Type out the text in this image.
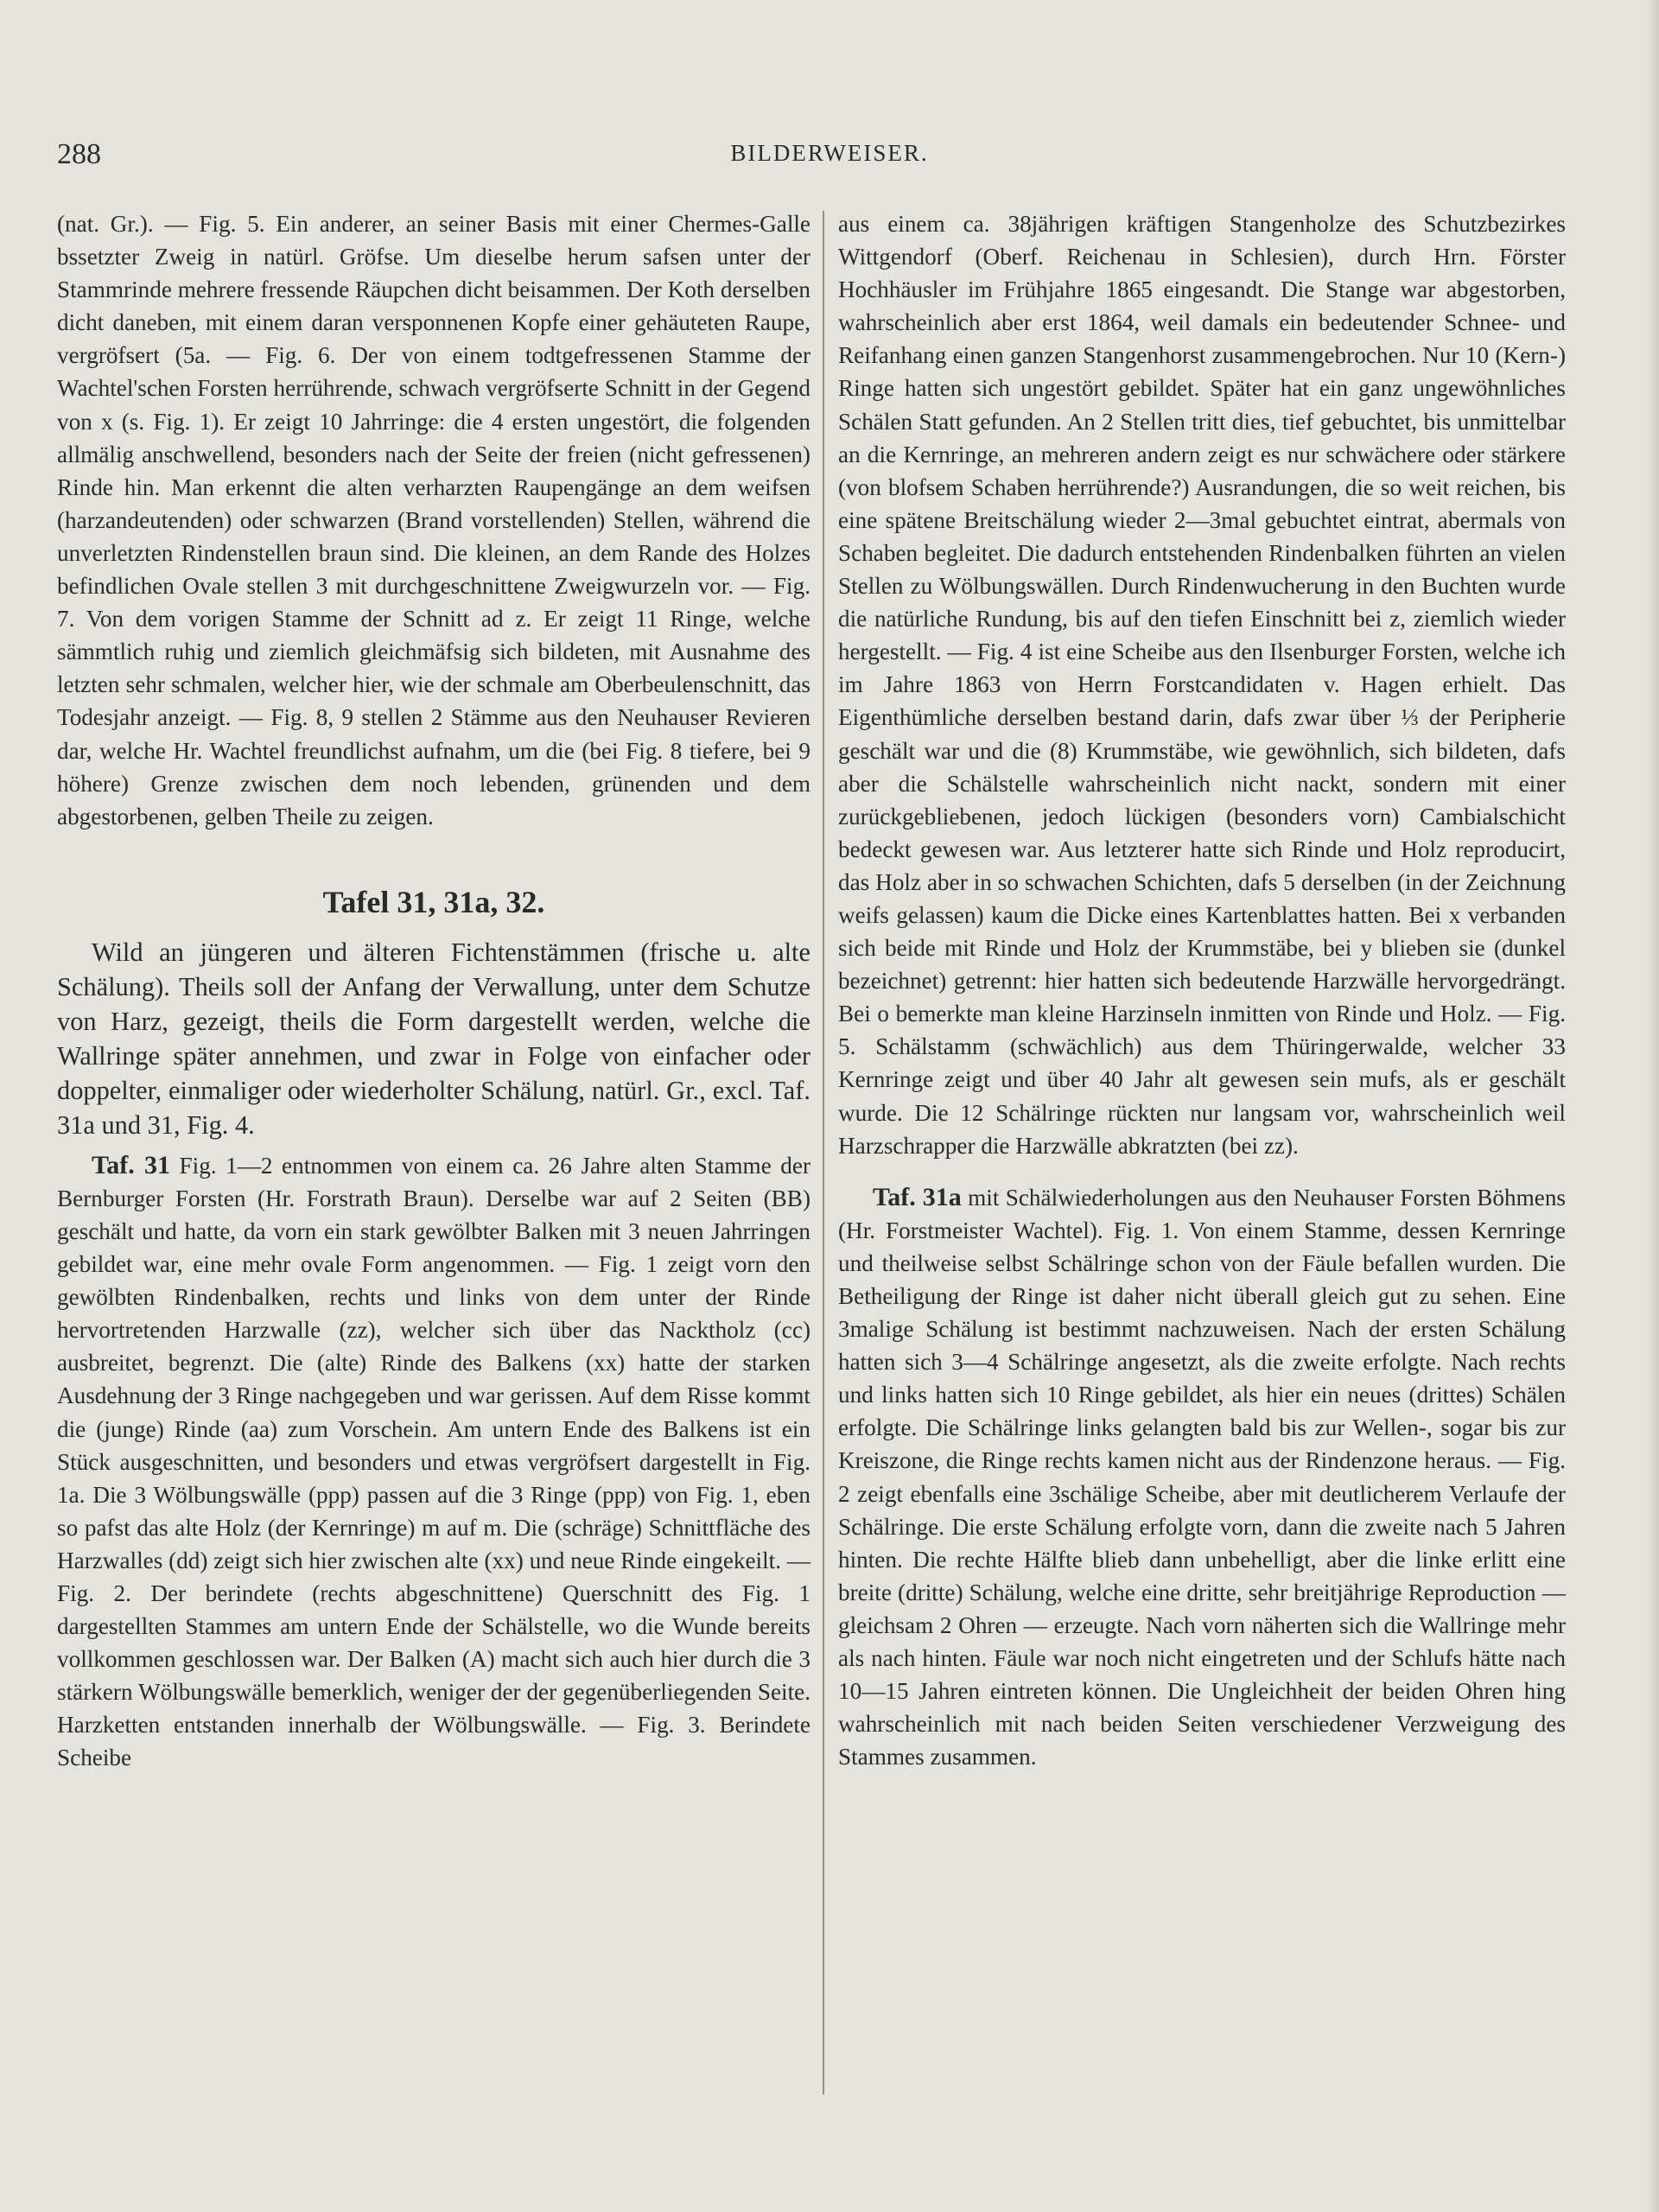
288	BILDERWEISER.

(nat. Gr.). — Fig. 5. Ein anderer, an seiner Basis mit einer Chermes-Galle bssetzter Zweig in natürl. Gröfse. Um dieselbe herum safsen unter der Stammrinde mehrere fressende Räupchen dicht beisammen. Der Koth derselben dicht daneben, mit einem daran versponnenen Kopfe einer gehäuteten Raupe, vergröfsert (5a. — Fig. 6. Der von einem todtgefressenen Stamme der Wachtel'schen Forsten herrührende, schwach vergröfserte Schnitt in der Gegend von x (s. Fig. 1). Er zeigt 10 Jahrringe: die 4 ersten ungestört, die folgenden allmälig anschwellend, besonders nach der Seite der freien (nicht gefressenen) Rinde hin. Man erkennt die alten verharzten Raupengänge an dem weifsen (harzandeutenden) oder schwarzen (Brand vorstellenden) Stellen, während die unverletzten Rindenstellen braun sind. Die kleinen, an dem Rande des Holzes befindlichen Ovale stellen 3 mit durchgeschnittene Zweigwurzeln vor. — Fig. 7. Von dem vorigen Stamme der Schnitt ad z. Er zeigt 11 Ringe, welche sämmtlich ruhig und ziemlich gleichmäfsig sich bildeten, mit Ausnahme des letzten sehr schmalen, welcher hier, wie der schmale am Oberbeulenschnitt, das Todesjahr anzeigt. — Fig. 8, 9 stellen 2 Stämme aus den Neuhauser Revieren dar, welche Hr. Wachtel freundlichst aufnahm, um die (bei Fig. 8 tiefere, bei 9 höhere) Grenze zwischen dem noch lebenden, grünenden und dem abgestorbenen, gelben Theile zu zeigen.

Tafel 31, 31a, 32.

Wild an jüngeren und älteren Fichtenstämmen (frische u. alte Schälung). Theils soll der Anfang der Verwallung, unter dem Schutze von Harz, gezeigt, theils die Form dargestellt werden, welche die Wallringe später annehmen, und zwar in Folge von einfacher oder doppelter, einmaliger oder wiederholter Schälung, natürl. Gr., excl. Taf. 31a und 31, Fig. 4.

Taf. 31 Fig. 1—2 entnommen von einem ca. 26 Jahre alten Stamme der Bernburger Forsten (Hr. Forstrath Braun). Derselbe war auf 2 Seiten (BB) geschält und hatte, da vorn ein stark gewölbter Balken mit 3 neuen Jahrringen gebildet war, eine mehr ovale Form angenommen. — Fig. 1 zeigt vorn den gewölbten Rindenbalken, rechts und links von dem unter der Rinde hervortretenden Harzwalle (zz), welcher sich über das Nacktholz (cc) ausbreitet, begrenzt. Die (alte) Rinde des Balkens (xx) hatte der starken Ausdehnung der 3 Ringe nachgegeben und war gerissen. Auf dem Risse kommt die (junge) Rinde (aa) zum Vorschein. Am untern Ende des Balkens ist ein Stück ausgeschnitten, und besonders und etwas vergröfsert dargestellt in Fig. 1a. Die 3 Wölbungswälle (ppp) passen auf die 3 Ringe (ppp) von Fig. 1, eben so pafst das alte Holz (der Kernringe) m auf m. Die (schräge) Schnittfläche des Harzwalles (dd) zeigt sich hier zwischen alte (xx) und neue Rinde eingekeilt. — Fig. 2. Der berindete (rechts abgeschnittene) Querschnitt des Fig. 1 dargestellten Stammes am untern Ende der Schälstelle, wo die Wunde bereits vollkommen geschlossen war. Der Balken (A) macht sich auch hier durch die 3 stärkern Wölbungswälle bemerklich, weniger der der gegenüberliegenden Seite. Harzketten entstanden innerhalb der Wölbungswälle. — Fig. 3. Berindete Scheibe

aus einem ca. 38jährigen kräftigen Stangenholze des Schutzbezirkes Wittgendorf (Oberf. Reichenau in Schlesien), durch Hrn. Förster Hochhäusler im Frühjahre 1865 eingesandt. Die Stange war abgestorben, wahrscheinlich aber erst 1864, weil damals ein bedeutender Schnee- und Reifanhang einen ganzen Stangenhorst zusammengebrochen. Nur 10 (Kern-) Ringe hatten sich ungestört gebildet. Später hat ein ganz ungewöhnliches Schälen Statt gefunden. An 2 Stellen tritt dies, tief gebuchtet, bis unmittelbar an die Kernringe, an mehreren andern zeigt es nur schwächere oder stärkere (von blofsem Schaben herrührende?) Ausrandungen, die so weit reichen, bis eine spätene Breitschälung wieder 2—3mal gebuchtet eintrat, abermals von Schaben begleitet. Die dadurch entstehenden Rindenbalken führten an vielen Stellen zu Wölbungswällen. Durch Rindenwucherung in den Buchten wurde die natürliche Rundung, bis auf den tiefen Einschnitt bei z, ziemlich wieder hergestellt. — Fig. 4 ist eine Scheibe aus den Ilsenburger Forsten, welche ich im Jahre 1863 von Herrn Forstcandidaten v. Hagen erhielt. Das Eigenthümliche derselben bestand darin, dafs zwar über ⅓ der Peripherie geschält war und die (8) Krummstäbe, wie gewöhnlich, sich bildeten, dafs aber die Schälstelle wahrscheinlich nicht nackt, sondern mit einer zurückgebliebenen, jedoch lückigen (besonders vorn) Cambialschicht bedeckt gewesen war. Aus letzterer hatte sich Rinde und Holz reproducirt, das Holz aber in so schwachen Schichten, dafs 5 derselben (in der Zeichnung weifs gelassen) kaum die Dicke eines Kartenblattes hatten. Bei x verbanden sich beide mit Rinde und Holz der Krummstäbe, bei y blieben sie (dunkel bezeichnet) getrennt: hier hatten sich bedeutende Harzwälle hervorgedrängt. Bei o bemerkte man kleine Harzinseln inmitten von Rinde und Holz. — Fig. 5. Schälstamm (schwächlich) aus dem Thüringerwalde, welcher 33 Kernringe zeigt und über 40 Jahr alt gewesen sein mufs, als er geschält wurde. Die 12 Schälringe rückten nur langsam vor, wahrscheinlich weil Harzschrapper die Harzwälle abkratzten (bei zz).

Taf. 31a mit Schälwiederholungen aus den Neuhauser Forsten Böhmens (Hr. Forstmeister Wachtel). Fig. 1. Von einem Stamme, dessen Kernringe und theilweise selbst Schälringe schon von der Fäule befallen wurden. Die Betheiligung der Ringe ist daher nicht überall gleich gut zu sehen. Eine 3malige Schälung ist bestimmt nachzuweisen. Nach der ersten Schälung hatten sich 3—4 Schälringe angesetzt, als die zweite erfolgte. Nach rechts und links hatten sich 10 Ringe gebildet, als hier ein neues (drittes) Schälen erfolgte. Die Schälringe links gelangten bald bis zur Wellen-, sogar bis zur Kreiszone, die Ringe rechts kamen nicht aus der Rindenzone heraus. — Fig. 2 zeigt ebenfalls eine 3schälige Scheibe, aber mit deutlicherem Verlaufe der Schälringe. Die erste Schälung erfolgte vorn, dann die zweite nach 5 Jahren hinten. Die rechte Hälfte blieb dann unbehelligt, aber die linke erlitt eine breite (dritte) Schälung, welche eine dritte, sehr breitjährige Reproduction — gleichsam 2 Ohren — erzeugte. Nach vorn näherten sich die Wallringe mehr als nach hinten. Fäule war noch nicht eingetreten und der Schlufs hätte nach 10—15 Jahren eintreten können. Die Ungleichheit der beiden Ohren hing wahrscheinlich mit nach beiden Seiten verschiedener Verzweigung des Stammes zusammen.
